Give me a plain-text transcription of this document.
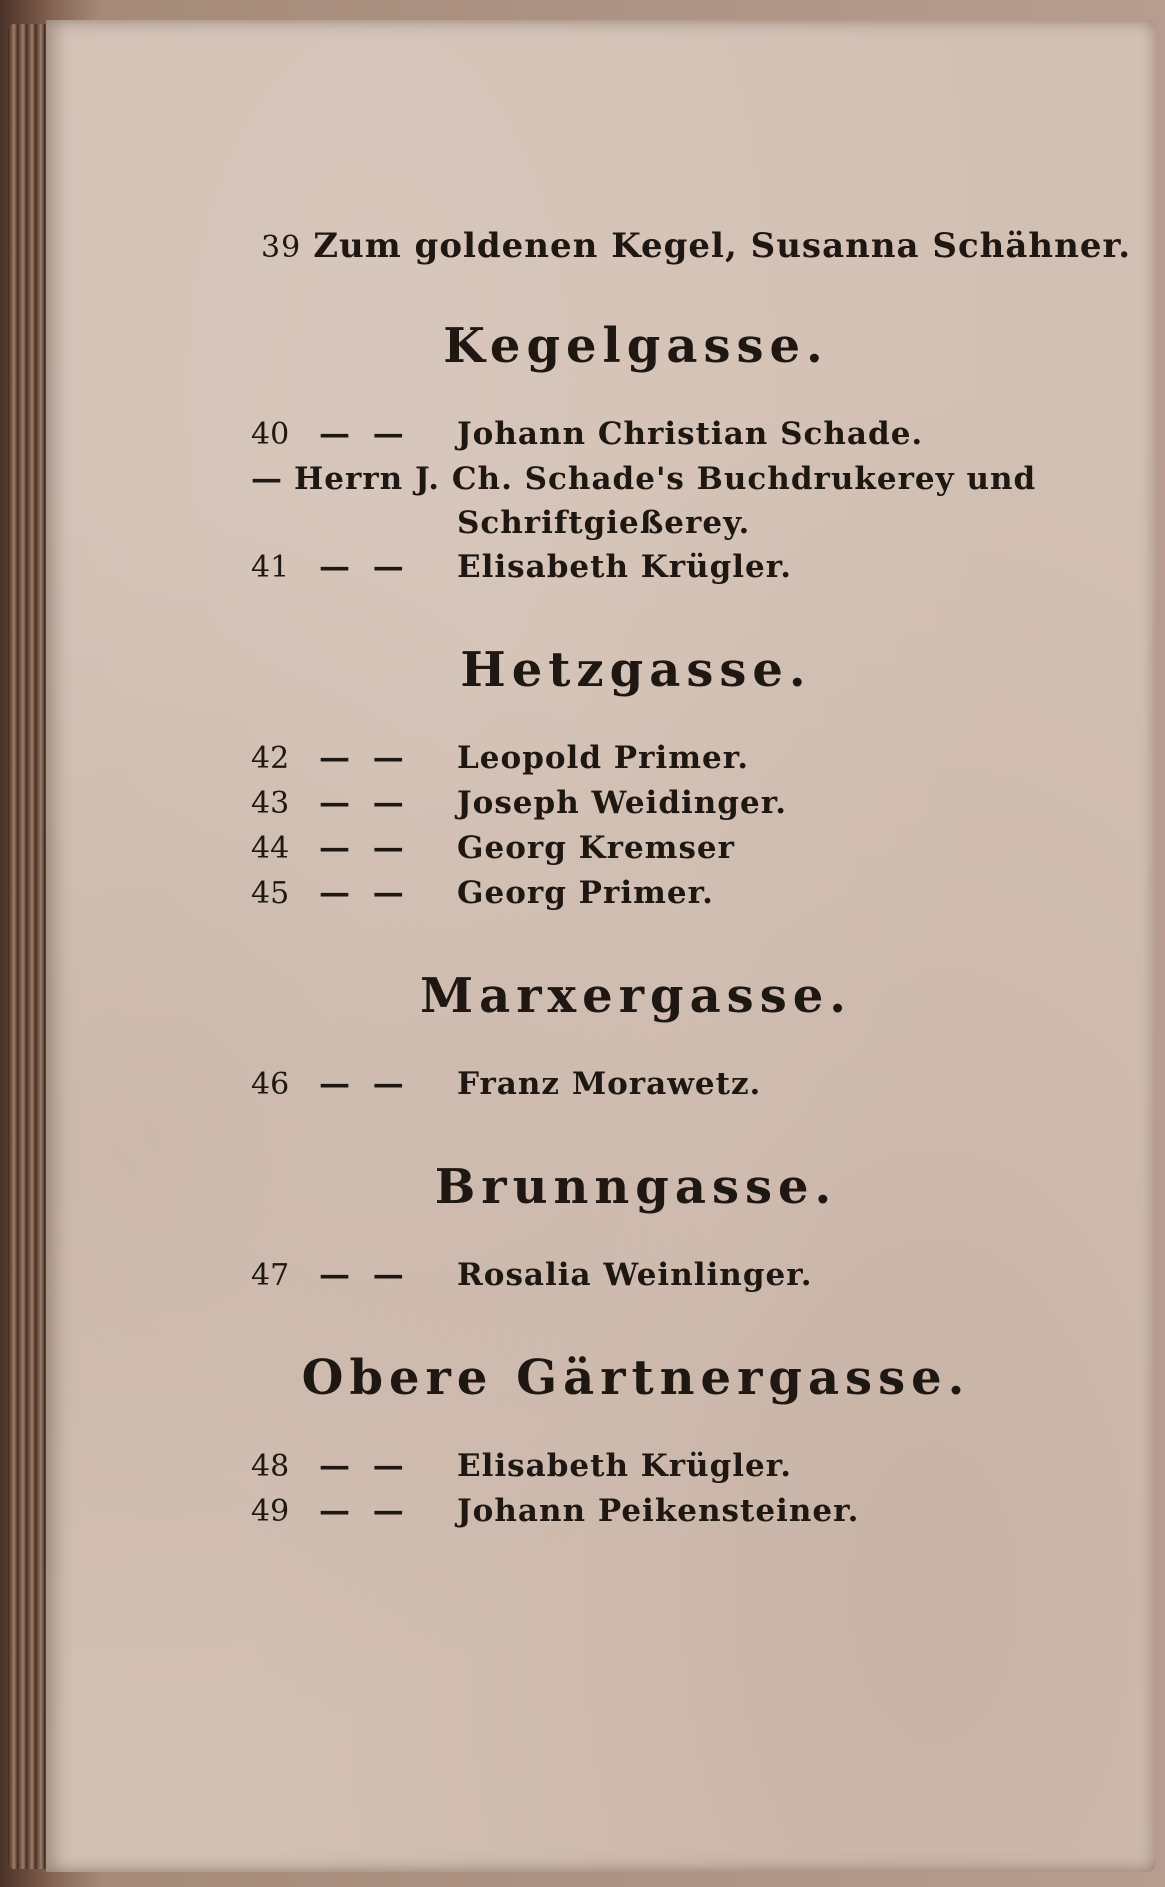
39 Zum goldenen Kegel, Susanna Schähner.
Kegelgasse.
40 — —	Johann Christian Schade.
— Herrn J. Ch. Schade's Buchdrukerey und
Schriftgießerey.
41 — —	Elisabeth Krügler.
Hetzgasse.
42 — —	Leopold Primer.
43 — —	Joseph Weidinger.
44 — —	Georg Kremser
45 — —	Georg Primer.
Marxergasse.
46 — —	Franz Morawetz.
Brunngasse.
47 — —	Rosalia Weinlinger.
Obere Gärtnergasse.
48 — —	Elisabeth Krügler.
49 — —	Johann Peikensteiner.
